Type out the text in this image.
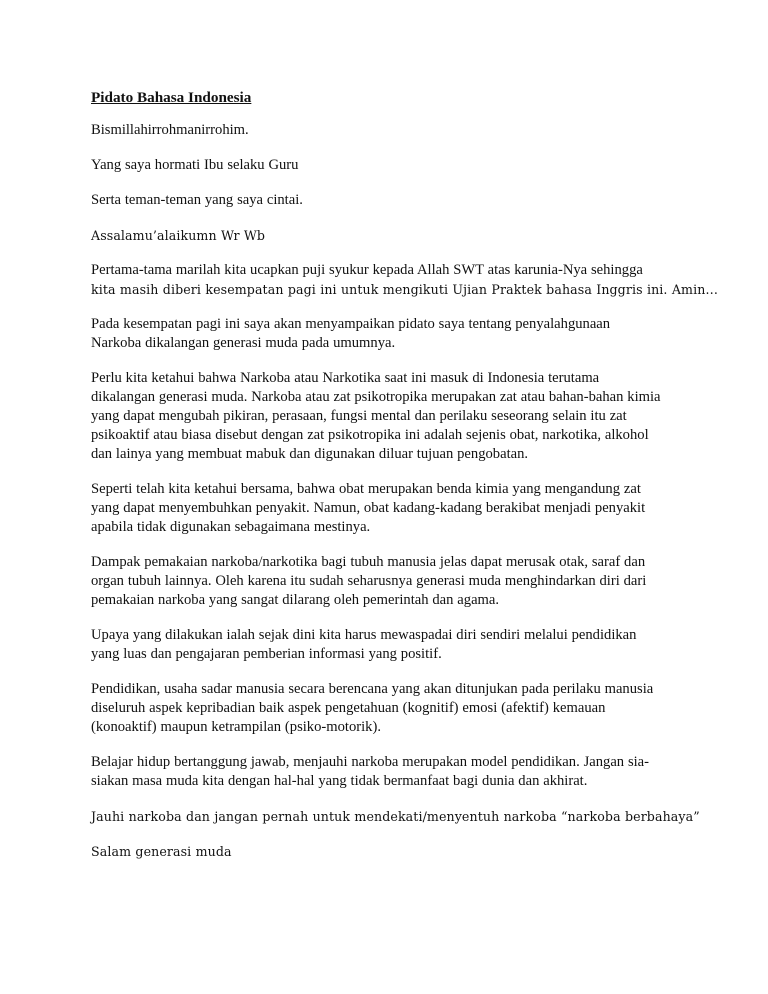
Pidato Bahasa Indonesia
Bismillahirrohmanirrohim.
Yang saya hormati Ibu selaku Guru
Serta teman-teman yang saya cintai.
Assalamu’alaikumn Wr Wb
Pertama-tama marilah kita ucapkan puji syukur kepada Allah SWT atas karunia-Nya sehingga
kita masih diberi kesempatan pagi ini untuk mengikuti Ujian Praktek bahasa Inggris ini. Amin…
Pada kesempatan pagi ini saya akan menyampaikan pidato saya tentang penyalahgunaan
Narkoba dikalangan generasi muda pada umumnya.
Perlu kita ketahui bahwa Narkoba atau Narkotika saat ini masuk di Indonesia terutama
dikalangan generasi muda. Narkoba atau zat psikotropika merupakan zat atau bahan-bahan kimia
yang dapat mengubah pikiran, perasaan, fungsi mental dan perilaku seseorang selain itu zat
psikoaktif atau biasa disebut dengan zat psikotropika ini adalah sejenis obat, narkotika, alkohol
dan lainya yang membuat mabuk dan digunakan diluar tujuan pengobatan.
Seperti telah kita ketahui bersama, bahwa obat merupakan benda kimia yang mengandung zat
yang dapat menyembuhkan penyakit. Namun, obat kadang-kadang berakibat menjadi penyakit
apabila tidak digunakan sebagaimana mestinya.
Dampak pemakaian narkoba/narkotika bagi tubuh manusia jelas dapat merusak otak, saraf dan
organ tubuh lainnya. Oleh karena itu sudah seharusnya generasi muda menghindarkan diri dari
pemakaian narkoba yang sangat dilarang oleh pemerintah dan agama.
Upaya yang dilakukan ialah sejak dini kita harus mewaspadai diri sendiri melalui pendidikan
yang luas dan pengajaran pemberian informasi yang positif.
Pendidikan, usaha sadar manusia secara berencana yang akan ditunjukan pada perilaku manusia
diseluruh aspek kepribadian baik aspek pengetahuan (kognitif) emosi (afektif) kemauan
(konoaktif) maupun ketrampilan (psiko-motorik).
Belajar hidup bertanggung jawab, menjauhi narkoba merupakan model pendidikan. Jangan sia-
siakan masa muda kita dengan hal-hal yang tidak bermanfaat bagi dunia dan akhirat.
Jauhi narkoba dan jangan pernah untuk mendekati/menyentuh narkoba “narkoba berbahaya”
Salam generasi muda
